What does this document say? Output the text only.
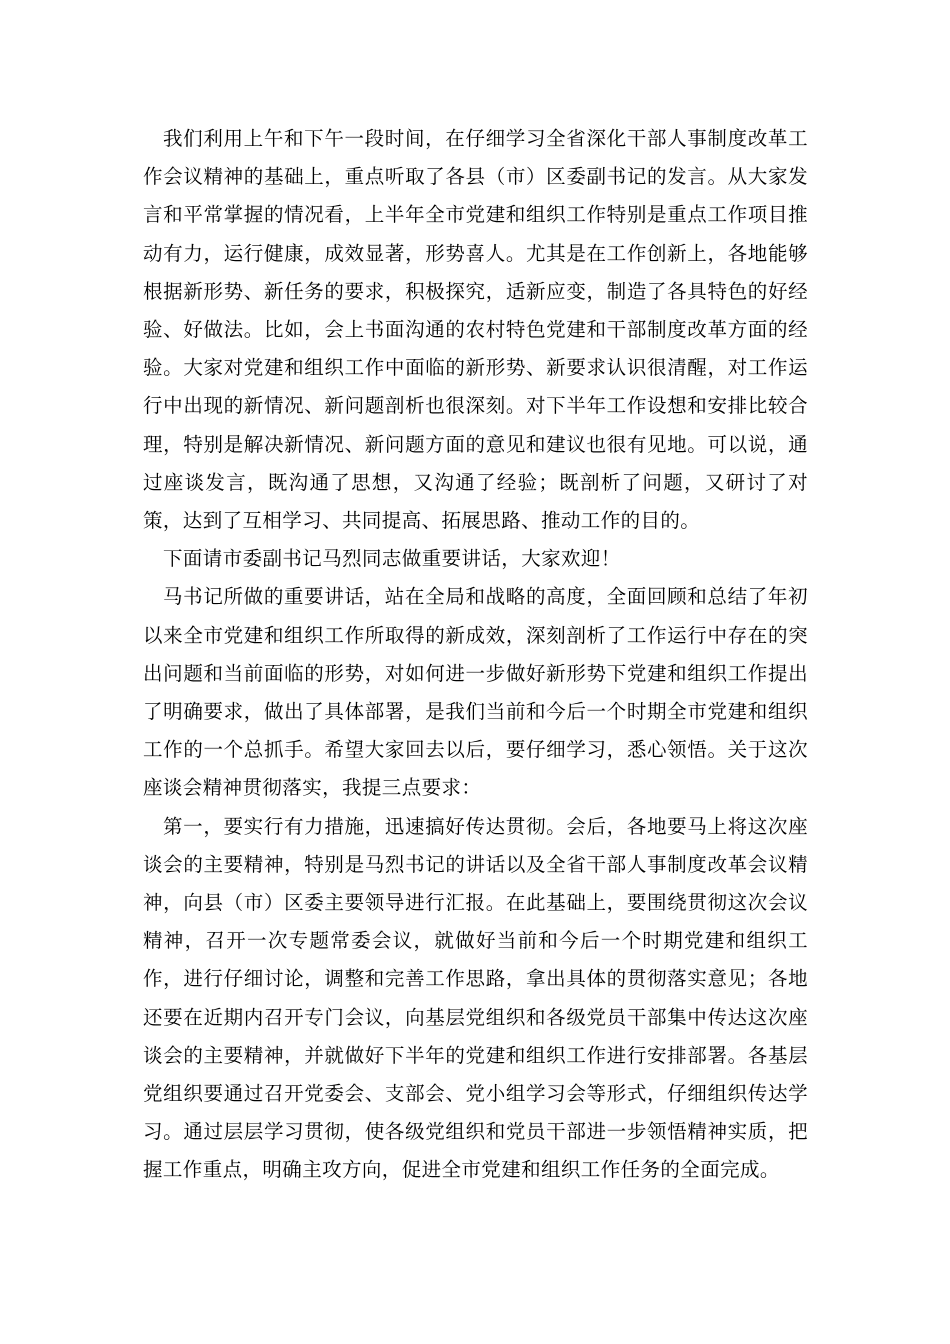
我们利用上午和下午一段时间，在仔细学习全省深化干部人事制度改革工作会议精神的基础上，重点听取了各县（市）区委副书记的发言。从大家发言和平常掌握的情况看，上半年全市党建和组织工作特别是重点工作项目推动有力，运行健康，成效显著，形势喜人。尤其是在工作创新上，各地能够根据新形势、新任务的要求，积极探究，适新应变，制造了各具特色的好经验、好做法。比如，会上书面沟通的农村特色党建和干部制度改革方面的经验。大家对党建和组织工作中面临的新形势、新要求认识很清醒，对工作运行中出现的新情况、新问题剖析也很深刻。对下半年工作设想和安排比较合理，特别是解决新情况、新问题方面的意见和建议也很有见地。可以说，通过座谈发言，既沟通了思想，又沟通了经验；既剖析了问题，又研讨了对策，达到了互相学习、共同提高、拓展思路、推动工作的目的。

下面请市委副书记马烈同志做重要讲话，大家欢迎！

马书记所做的重要讲话，站在全局和战略的高度，全面回顾和总结了年初以来全市党建和组织工作所取得的新成效，深刻剖析了工作运行中存在的突出问题和当前面临的形势，对如何进一步做好新形势下党建和组织工作提出了明确要求，做出了具体部署，是我们当前和今后一个时期全市党建和组织工作的一个总抓手。希望大家回去以后，要仔细学习，悉心领悟。关于这次座谈会精神贯彻落实，我提三点要求：

第一，要实行有力措施，迅速搞好传达贯彻。会后，各地要马上将这次座谈会的主要精神，特别是马烈书记的讲话以及全省干部人事制度改革会议精神，向县（市）区委主要领导进行汇报。在此基础上，要围绕贯彻这次会议精神，召开一次专题常委会议，就做好当前和今后一个时期党建和组织工作，进行仔细讨论，调整和完善工作思路，拿出具体的贯彻落实意见；各地还要在近期内召开专门会议，向基层党组织和各级党员干部集中传达这次座谈会的主要精神，并就做好下半年的党建和组织工作进行安排部署。各基层党组织要通过召开党委会、支部会、党小组学习会等形式，仔细组织传达学习。通过层层学习贯彻，使各级党组织和党员干部进一步领悟精神实质，把握工作重点，明确主攻方向，促进全市党建和组织工作任务的全面完成。
